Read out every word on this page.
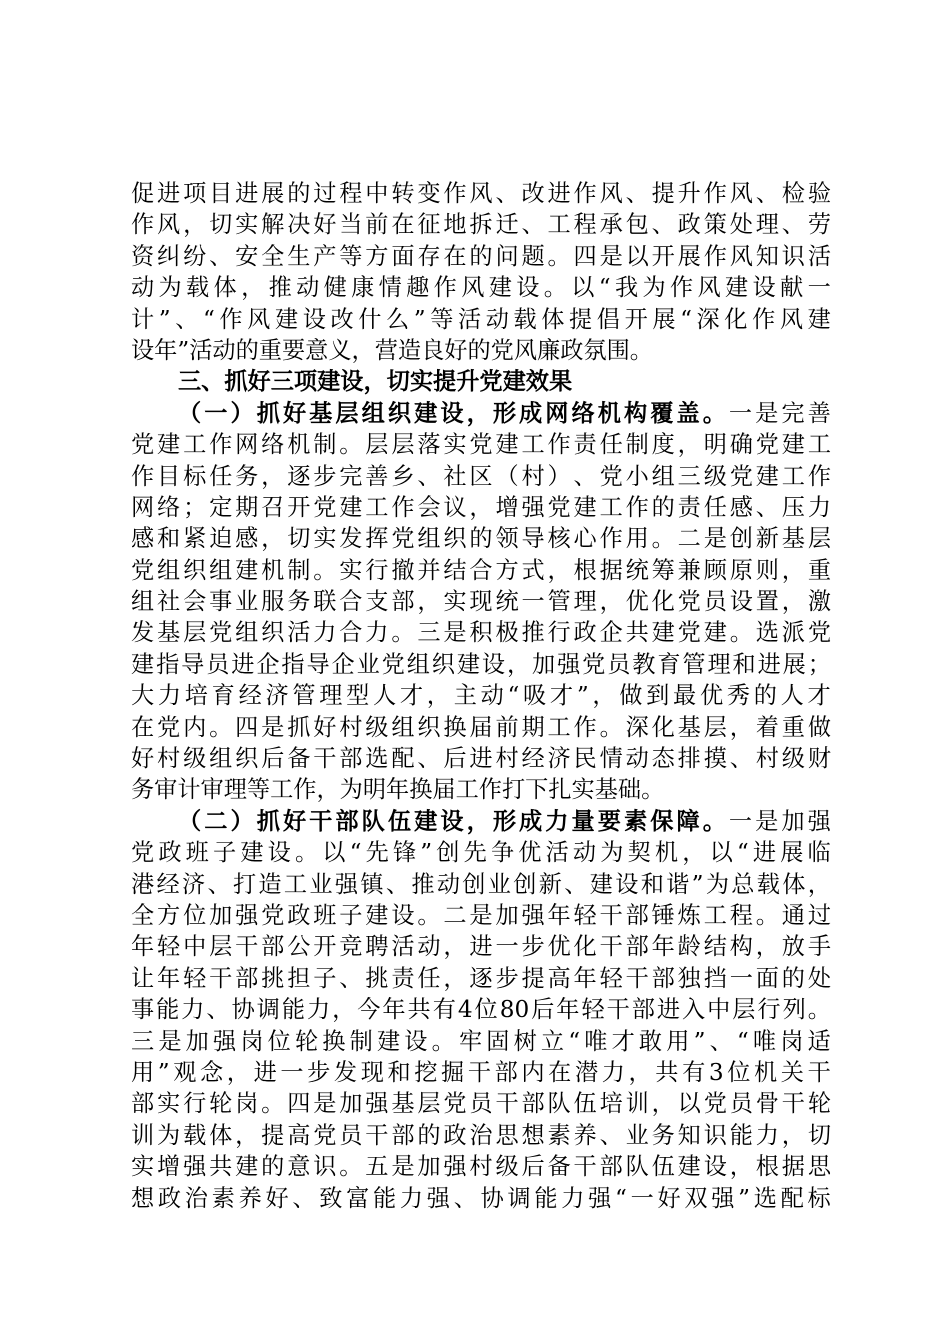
促 进 项 目 进 展 的 过 程 中 转 变 作 风 、 改 进 作 风 、 提 升 作 风 、 检 验
作 风 ， 切 实 解 决 好 当 前 在 征 地 拆 迁 、 工 程 承 包 、 政 策 处 理 、 劳
资 纠 纷 、 安 全 生 产 等 方 面 存 在 的 问 题 。 四 是 以 开 展 作 风 知 识 活
动 为 载 体 ， 推 动 健 康 情 趣 作 风 建 设 。 以 “ 我 为 作 风 建 设 献 一
计 ” 、 “ 作 风 建 设 改 什 么 ” 等 活 动 载 体 提 倡 开 展 “ 深 化 作 风 建
设年”活动的重要意义，营造良好的党风廉政氛围。
三、抓好三项建设，切实提升党建效果
（ 一 ） 抓 好 基 层 组 织 建 设 ， 形 成 网 络 机 构 覆 盖 。 一 是 完 善
党 建 工 作 网 络 机 制 。 层 层 落 实 党 建 工 作 责 任 制 度 ， 明 确 党 建 工
作 目 标 任 务 ， 逐 步 完 善 乡 、 社 区 （ 村 ） 、 党 小 组 三 级 党 建 工 作
网 络 ； 定 期 召 开 党 建 工 作 会 议 ， 增 强 党 建 工 作 的 责 任 感 、 压 力
感 和 紧 迫 感 ， 切 实 发 挥 党 组 织 的 领 导 核 心 作 用 。 二 是 创 新 基 层
党 组 织 组 建 机 制 。 实 行 撤 并 结 合 方 式 ， 根 据 统 筹 兼 顾 原 则 ， 重
组 社 会 事 业 服 务 联 合 支 部 ， 实 现 统 一 管 理 ， 优 化 党 员 设 置 ， 激
发 基 层 党 组 织 活 力 合 力 。 三 是 积 极 推 行 政 企 共 建 党 建 。 选 派 党
建 指 导 员 进 企 指 导 企 业 党 组 织 建 设 ， 加 强 党 员 教 育 管 理 和 进 展 ；
大 力 培 育 经 济 管 理 型 人 才 ， 主 动 “ 吸 才 ” ， 做 到 最 优 秀 的 人 才
在 党 内 。 四 是 抓 好 村 级 组 织 换 届 前 期 工 作 。 深 化 基 层 ， 着 重 做
好 村 级 组 织 后 备 干 部 选 配 、 后 进 村 经 济 民 情 动 态 排 摸 、 村 级 财
务审计审理等工作，为明年换届工作打下扎实基础。
（ 二 ） 抓 好 干 部 队 伍 建 设 ， 形 成 力 量 要 素 保 障 。 一 是 加 强
党 政 班 子 建 设 。 以 “ 先 锋 ” 创 先 争 优 活 动 为 契 机 ， 以 “ 进 展 临
港 经 济 、 打 造 工 业 强 镇 、 推 动 创 业 创 新 、 建 设 和 谐 ” 为 总 载 体 ，
全 方 位 加 强 党 政 班 子 建 设 。 二 是 加 强 年 轻 干 部 锤 炼 工 程 。 通 过
年 轻 中 层 干 部 公 开 竞 聘 活 动 ， 进 一 步 优 化 干 部 年 龄 结 构 ， 放 手
让 年 轻 干 部 挑 担 子 、 挑 责 任 ， 逐 步 提 高 年 轻 干 部 独 挡 一 面 的 处
事 能 力 、 协 调 能 力 ， 今 年 共 有 4 位 80 后 年 轻 干 部 进 入 中 层 行 列 。
三 是 加 强 岗 位 轮 换 制 建 设 。 牢 固 树 立 “ 唯 才 敢 用 ” 、 “ 唯 岗 适
用 ” 观 念 ， 进 一 步 发 现 和 挖 掘 干 部 内 在 潜 力 ， 共 有 3 位 机 关 干
部 实 行 轮 岗 。 四 是 加 强 基 层 党 员 干 部 队 伍 培 训 ， 以 党 员 骨 干 轮
训 为 载 体 ， 提 高 党 员 干 部 的 政 治 思 想 素 养 、 业 务 知 识 能 力 ， 切
实 增 强 共 建 的 意 识 。 五 是 加 强 村 级 后 备 干 部 队 伍 建 设 ， 根 据 思
想 政 治 素 养 好 、 致 富 能 力 强 、 协 调 能 力 强 “ 一 好 双 强 ” 选 配 标
